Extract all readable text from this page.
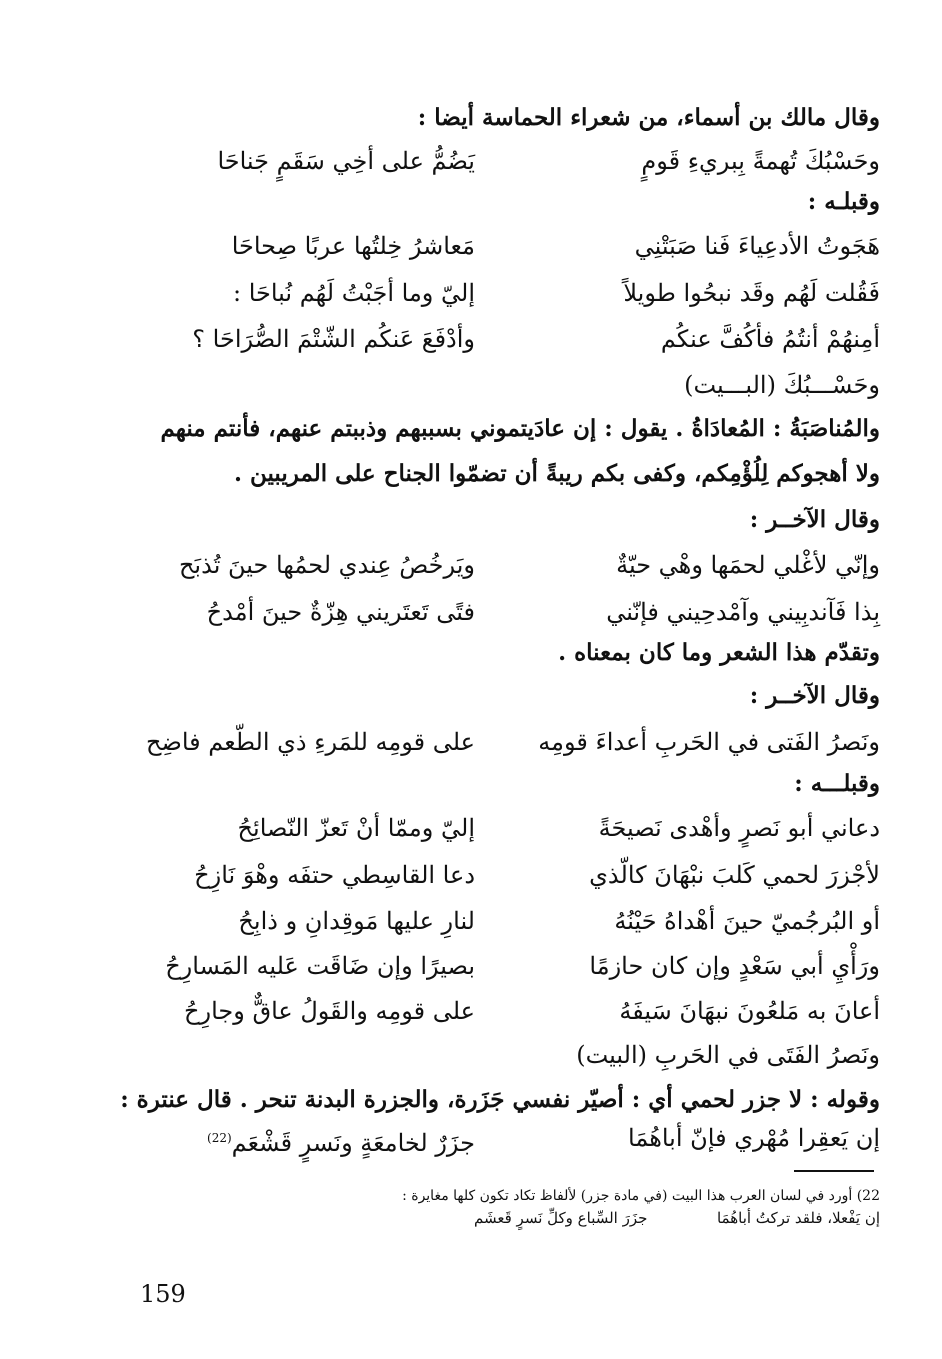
وقال مالك بن أسماء، من شعراء الحماسة أيضا :
وحَسْبُكَ تُهمةً بِبريءِ قَومٍ
يَضُمُّ على أخِي سَقَمٍ جَناحَا
وقبلـه :
هَجَوتُ الأدعِياءَ فَنا صَبَتْنِي
مَعاشرُ خِلتُها عربًا صِحاحَا
فَقُلت لَهُم وقَد نبحُوا طويلاً
إليّ وما أجَبْتُ لَهُم نُباحَا :
أمِنهُمْ أنتُمُ فأكُفَّ عنكُم
وأدْفَعَ عَنكُم الشّتْمَ الصُّرَاحَا ؟
وحَسْـــبُكَ (البـــيت)
والمُناصَبَةُ : المُعادَاةُ . يقول : إن عادَيتموني بسببهم وذببتم عنهم، فأنتم منهم
ولا أهجوكم لِلُؤْمِكم، وكفى بكم ريبةً أن تضمّوا الجناح على المريبين .
وقال الآخــر :
وإنّي لأغْلي لحمَها وهْي حيّةٌ
ويَرخُصُ عِندي لحمُها حينَ تُذبَح
بِذا فَآندبِيني وآمْدحِيني فإنّني
فتًى تَعتَريني هِزّةٌ حينَ أمْدحُ
وتقدّم هذا الشعر وما كان بمعناه .
وقال الآخــر :
ونَصرُ الفَتى في الحَربِ أعداءَ قومِه
على قومِه للمَرءِ ذي الطّعم فاضِح
وقبلـــه :
دعاني أبو نَصرٍ وأهْدى نَصيحَةً
إليّ وممّا أنْ تَعزّ النّصائِحُ
لأجْزرَ لحمي كَلبَ نبْهَانَ كالّذي
دعا القاسِطي حتفَه وهْوَ نَازِحُ
أو البُرجُميّ حينَ أهْداهُ حَيْنُهُ
لنارِ عليها مَوقِدانِ و ذابِحُ
ورَأْيِ أبي سَعْدٍ وإن كان حازمًا
بصيرًا وإن ضَاقَت عَليه المَسارِحُ
أعانَ به مَلعُونَ نبهَانَ سَيفَهُ
على قومِه والقَولُ عاقٌّ وجارِحُ
ونَصرُ الفَتَى في الحَربِ (البيت)
وقوله : لا جزر لحمي أي : أصيّر نفسي جَزَرة، والجزرة البدنة تنحر . قال عنترة :
إن يَعقِرا مُهْري فإنّ أباهُمَا
جزَرٌ لخامعَةٍ ونَسرٍ قَشْعَم$^{(22)}$
22) أورد في لسان العرب هذا البيت (في مادة جزر) لألفاظ تكاد تكون كلها مغايرة :
إن يَفْعلا، فلقد تركتُ أباهُمَا  جزَرَ السِّباع وكلِّ نَسرٍ قَعشَم
159
